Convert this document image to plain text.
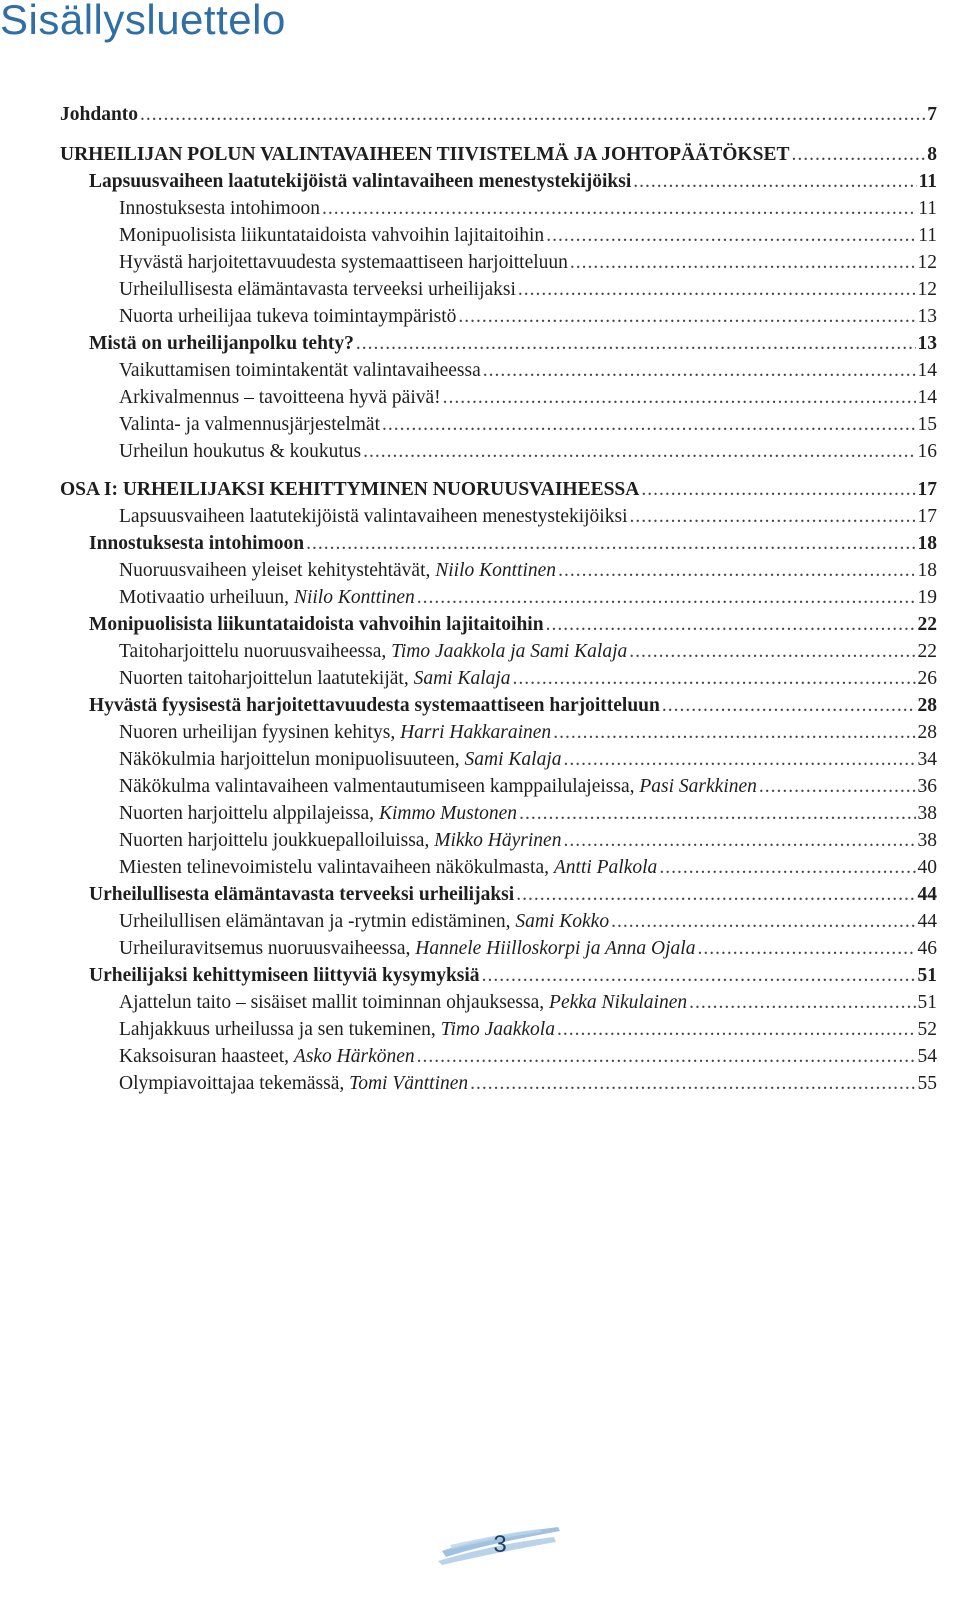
Sisällysluettelo
Johdanto .....	7
URHEILIJAN POLUN VALINTAVAIHEEN TIIVISTELMÄ JA JOHTOPÄÄTÖKSET .....	8
Lapsuusvaiheen laatutekijöistä valintavaiheen menestystekijöiksi .....	11
Innostuksesta intohimoon .....	11
Monipuolisista liikuntataidoista vahvoihin lajitaitoihin .....	11
Hyvästä harjoitettavuudesta systemaattiseen harjoitteluun .....	12
Urheilullisesta elämäntavasta terveeksi urheilijaksi .....	12
Nuorta urheilijaa tukeva toimintaympäristö .....	13
Mistä on urheilijanpolku tehty? .....	13
Vaikuttamisen toimintakentät valintavaiheessa .....	14
Arkivalmennus – tavoitteena hyvä päivä! .....	14
Valinta- ja valmennusjärjestelmät .....	15
Urheilun houkutus & koukutus .....	16
OSA I: URHEILIJAKSI KEHITTYMINEN NUORUUSVAIHEESSA .....	17
Lapsuusvaiheen laatutekijöistä valintavaiheen menestystekijöiksi .....	17
Innostuksesta intohimoon .....	18
Nuoruusvaiheen yleiset kehitystehtävät, Niilo Konttinen .....	18
Motivaatio urheiluun, Niilo Konttinen .....	19
Monipuolisista liikuntataidoista vahvoihin lajitaitoihin .....	22
Taitoharjoittelu nuoruusvaiheessa, Timo Jaakkola ja Sami Kalaja .....	22
Nuorten taitoharjoittelun laatutekijät, Sami Kalaja .....	26
Hyvästä fyysisestä harjoitettavuudesta systemaattiseen harjoitteluun .....	28
Nuoren urheilijan fyysinen kehitys, Harri Hakkarainen .....	28
Näkökulmia harjoittelun monipuolisuuteen, Sami Kalaja .....	34
Näkökulma valintavaiheen valmentautumiseen kamppailulajeissa, Pasi Sarkkinen .....	36
Nuorten harjoittelu alppilajeissa, Kimmo Mustonen .....	38
Nuorten harjoittelu joukkuepalloiluissa, Mikko Häyrinen .....	38
Miesten telinevoimistelu valintavaiheen näkökulmasta, Antti Palkola .....	40
Urheilullisesta elämäntavasta terveeksi urheilijaksi .....	44
Urheilullisen elämäntavan ja -rytmin edistäminen, Sami Kokko .....	44
Urheiluravitsemus nuoruusvaiheessa, Hannele Hiilloskorpi ja Anna Ojala .....	46
Urheilijaksi kehittymiseen liittyviä kysymyksiä .....	51
Ajattelun taito – sisäiset mallit toiminnan ohjauksessa, Pekka Nikulainen .....	51
Lahjakkuus urheilussa ja sen tukeminen, Timo Jaakkola .....	52
Kaksoisuran haasteet, Asko Härkönen .....	54
Olympiavoittajaa tekemässä, Tomi Vänttinen .....	55
3
